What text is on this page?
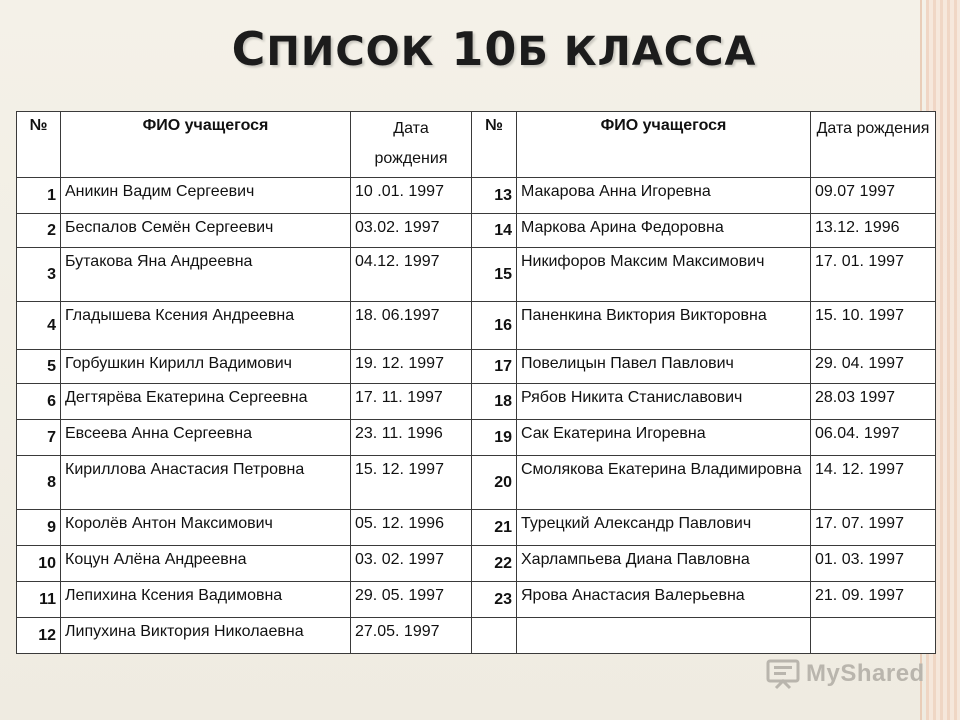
СПИСОК 10Б КЛАССА
№	ФИО учащегося	Дата рождения	№	ФИО учащегося	Дата рождения
1	Аникин Вадим Сергеевич	10 .01. 1997	13	Макарова Анна Игоревна	09.07 1997
2	Беспалов Семён Сергеевич	03.02. 1997	14	Маркова Арина Федоровна	13.12. 1996
3	Бутакова Яна Андреевна	04.12. 1997	15	Никифоров Максим Максимович	17. 01. 1997
4	Гладышева Ксения Андреевна	18. 06.1997	16	Паненкина Виктория Викторовна	15. 10. 1997
5	Горбушкин Кирилл Вадимович	19. 12. 1997	17	Повелицын Павел Павлович	29. 04. 1997
6	Дегтярёва Екатерина Сергеевна	17. 11. 1997	18	Рябов Никита Станиславович	28.03 1997
7	Евсеева Анна Сергеевна	23. 11. 1996	19	Сак Екатерина Игоревна	06.04. 1997
8	Кириллова Анастасия Петровна	15. 12. 1997	20	Смолякова Екатерина Владимировна	14. 12. 1997
9	Королёв Антон Максимович	05. 12. 1996	21	Турецкий Александр Павлович	17. 07. 1997
10	Коцун Алёна Андреевна	03. 02. 1997	22	Харлампьева Диана Павловна	01. 03. 1997
11	Лепихина Ксения Вадимовна	29. 05. 1997	23	Ярова Анастасия Валерьевна	21. 09. 1997
12	Липухина Виктория Николаевна	27.05. 1997			
MyShared
